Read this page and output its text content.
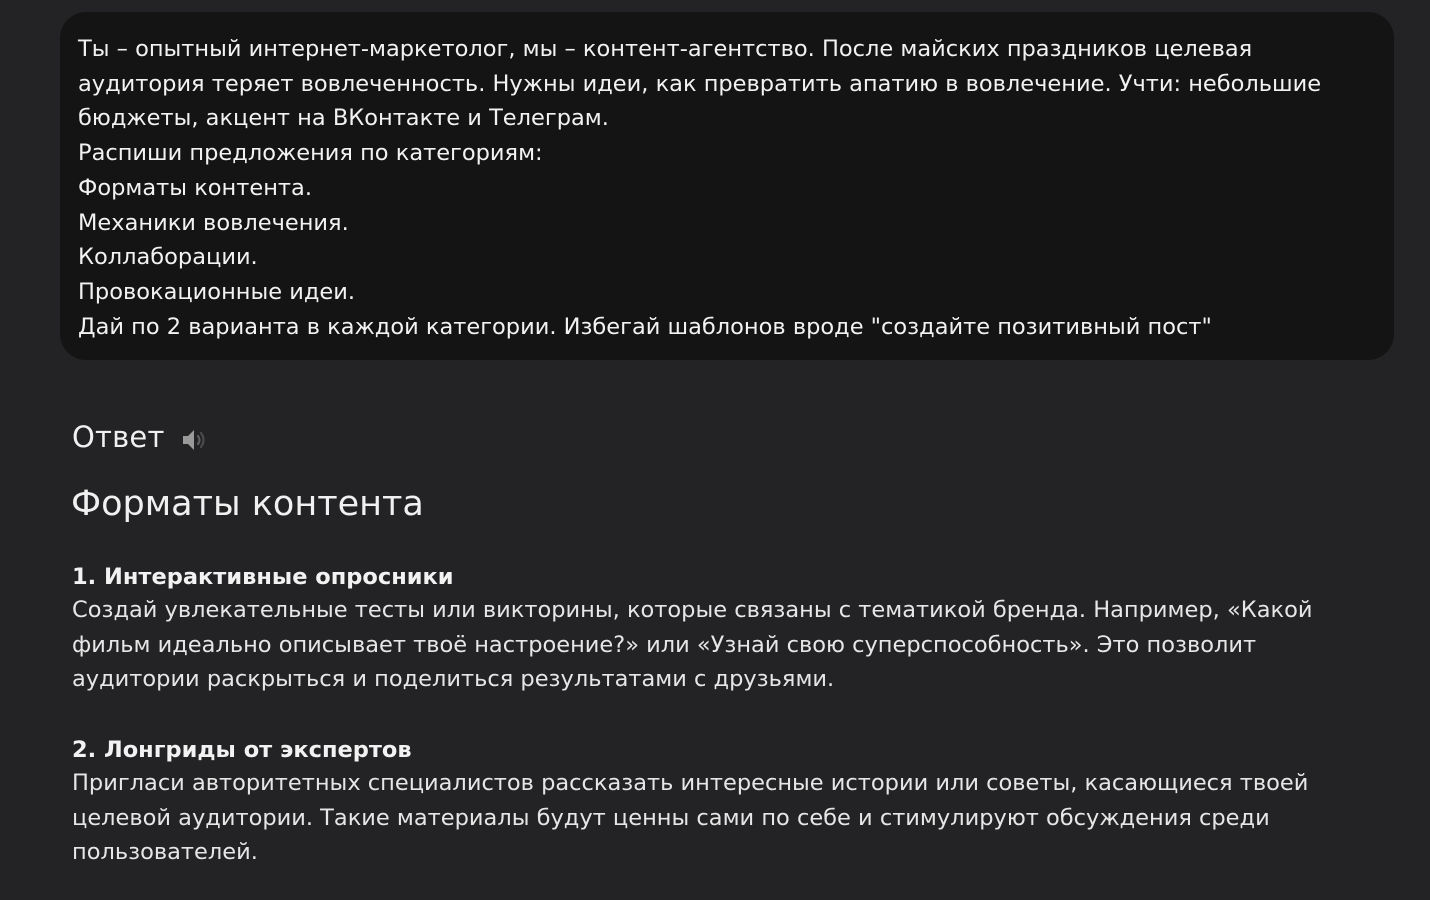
Ты – опытный интернет-маркетолог, мы – контент-агентство. После майских праздников целевая
аудитория теряет вовлеченность. Нужны идеи, как превратить апатию в вовлечение. Учти: небольшие
бюджеты, акцент на ВКонтакте и Телеграм.
Распиши предложения по категориям:
Форматы контента.
Механики вовлечения.
Коллаборации.
Провокационные идеи.
Дай по 2 варианта в каждой категории. Избегай шаблонов вроде "создайте позитивный пост"
Ответ
Форматы контента
1. Интерактивные опросники
Создай увлекательные тесты или викторины, которые связаны с тематикой бренда. Например, «Какой
фильм идеально описывает твоё настроение?» или «Узнай свою суперспособность». Это позволит
аудитории раскрыться и поделиться результатами с друзьями.
2. Лонгриды от экспертов
Пригласи авторитетных специалистов рассказать интересные истории или советы, касающиеся твоей
целевой аудитории. Такие материалы будут ценны сами по себе и стимулируют обсуждения среди
пользователей.
